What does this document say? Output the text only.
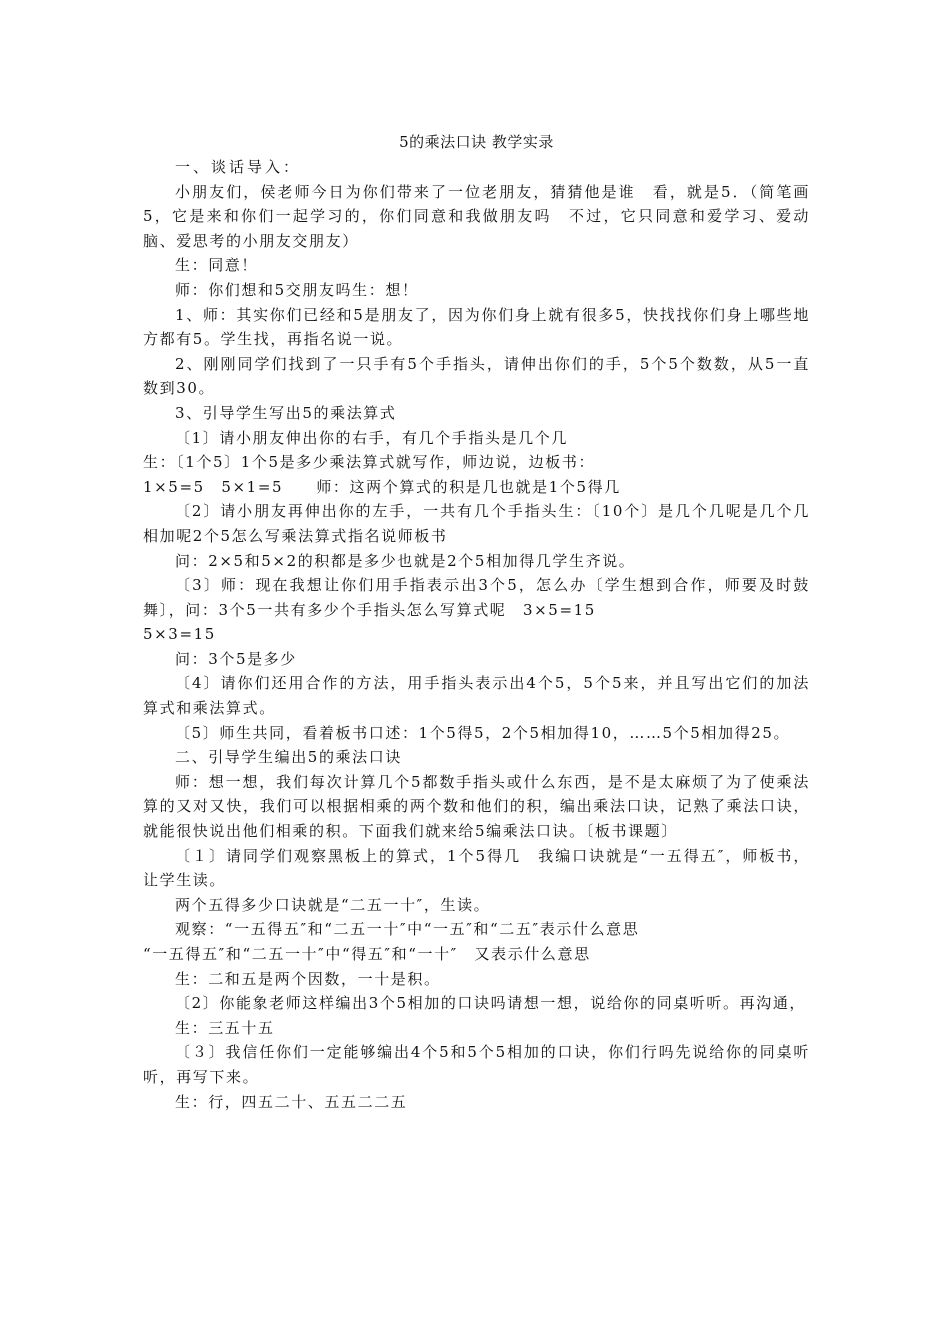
5的乘法口诀 教学实录

一、谈话导入：

小朋友们，侯老师今日为你们带来了一位老朋友，猜猜他是谁　看，就是5．（简笔画5，它是来和你们一起学习的，你们同意和我做朋友吗　不过，它只同意和爱学习、爱动脑、爱思考的小朋友交朋友）

生：同意！

师：你们想和5交朋友吗生：想！

1、师：其实你们已经和5是朋友了，因为你们身上就有很多5，快找找你们身上哪些地方都有5。学生找，再指名说一说。

2、刚刚同学们找到了一只手有5个手指头，请伸出你们的手，5个5个数数，从5一直数到30。

3、引导学生写出5的乘法算式

〔1〕请小朋友伸出你的右手，有几个手指头是几个几

生：〔1个5〕1个5是多少乘法算式就写作，师边说，边板书：

1×5=5　5×1=5　　师：这两个算式的积是几也就是1个5得几

〔2〕请小朋友再伸出你的左手，一共有几个手指头生：〔10个〕是几个几呢是几个几相加呢2个5怎么写乘法算式指名说师板书

问：2×5和5×2的积都是多少也就是2个5相加得几学生齐说。

〔3〕师：现在我想让你们用手指表示出3个5，怎么办〔学生想到合作，师要及时鼓舞〕，问：3个5一共有多少个手指头怎么写算式呢　3×5=15

5×3=15

问：3个5是多少

〔4〕请你们还用合作的方法，用手指头表示出4个5，5个5来，并且写出它们的加法算式和乘法算式。

〔5〕师生共同，看着板书口述：1个5得5，2个5相加得10，……5个5相加得25。

二、引导学生编出5的乘法口诀

师：想一想，我们每次计算几个5都数手指头或什么东西，是不是太麻烦了为了使乘法算的又对又快，我们可以根据相乘的两个数和他们的积，编出乘法口诀，记熟了乘法口诀，就能很快说出他们相乘的积。下面我们就来给5编乘法口诀。〔板书课题〕

〔１〕请同学们观察黑板上的算式，1个5得几　我编口诀就是“一五得五″，师板书，让学生读。

两个五得多少口诀就是“二五一十″，生读。

观察：“一五得五″和“二五一十″中“一五″和“二五″表示什么意思

“一五得五″和“二五一十″中“得五″和“一十″　又表示什么意思

生：二和五是两个因数，一十是积。

〔2〕你能象老师这样编出3个5相加的口诀吗请想一想，说给你的同桌听听。再沟通，

生：三五十五

〔３〕我信任你们一定能够编出4个5和5个5相加的口诀，你们行吗先说给你的同桌听听，再写下来。

生：行，四五二十、五五二二五
